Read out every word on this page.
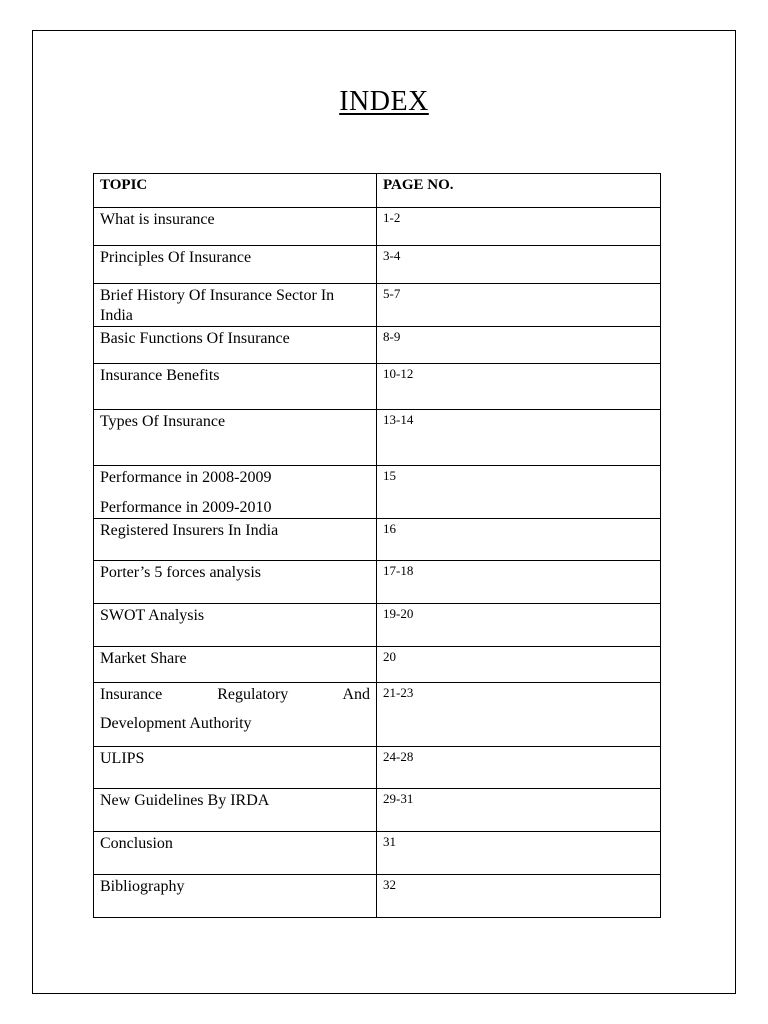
INDEX
TOPIC	PAGE NO.
What is insurance	1-2
Principles Of Insurance	3-4
Brief History Of Insurance Sector In India	5-7
Basic Functions Of Insurance	8-9
Insurance Benefits	10-12
Types Of Insurance	13-14
Performance in 2008-2009
Performance in 2009-2010	15
Registered Insurers In India	16
Porter’s 5 forces analysis	17-18
SWOT Analysis	19-20
Market Share	20

Insurance Regulatory And
Development Authority	21-23
ULIPS	24-28
New Guidelines By IRDA	29-31
Conclusion	31
Bibliography	32
